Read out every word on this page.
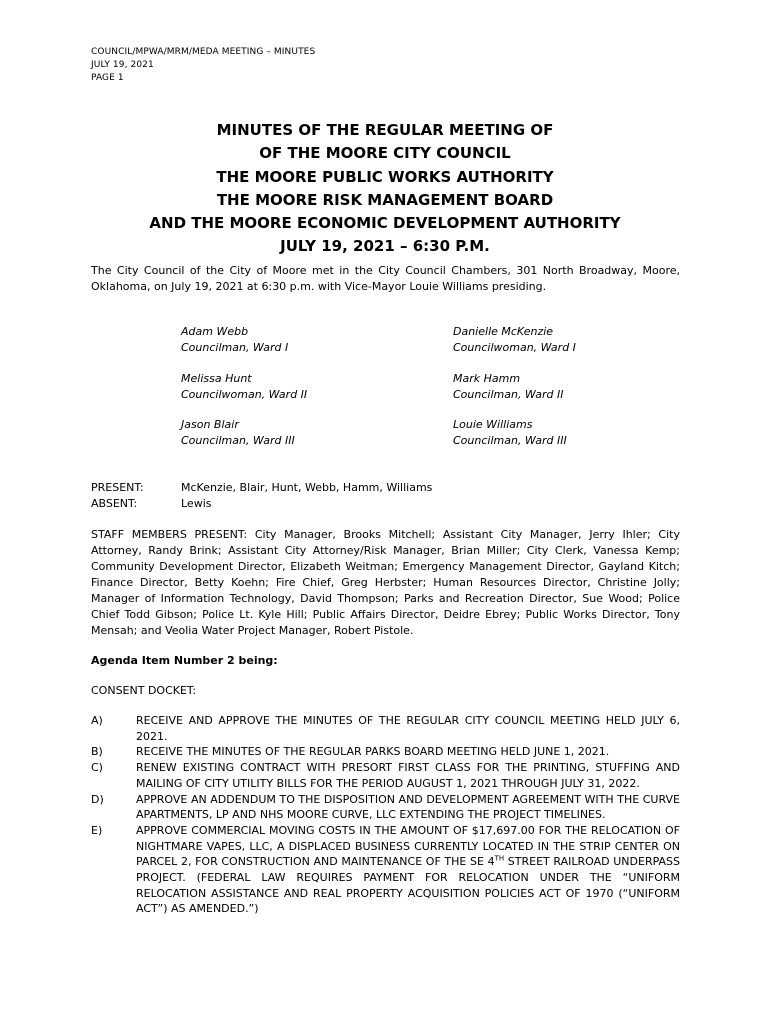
COUNCIL/MPWA/MRM/MEDA MEETING – MINUTES
JULY 19, 2021
PAGE 1
MINUTES OF THE REGULAR MEETING OF
OF THE MOORE CITY COUNCIL
THE MOORE PUBLIC WORKS AUTHORITY
THE MOORE RISK MANAGEMENT BOARD
AND THE MOORE ECONOMIC DEVELOPMENT AUTHORITY
JULY 19, 2021 – 6:30 P.M.
The City Council of the City of Moore met in the City Council Chambers, 301 North Broadway, Moore, Oklahoma, on July 19, 2021 at 6:30 p.m. with Vice-Mayor Louie Williams presiding.
Adam Webb
Councilman, Ward I
Danielle McKenzie
Councilwoman, Ward I
Melissa Hunt
Councilwoman, Ward II
Mark Hamm
Councilman, Ward II
Jason Blair
Councilman, Ward III
Louie Williams
Councilman, Ward III
PRESENT:	McKenzie, Blair, Hunt, Webb, Hamm, Williams
ABSENT:	Lewis
STAFF MEMBERS PRESENT: City Manager, Brooks Mitchell; Assistant City Manager, Jerry Ihler; City Attorney, Randy Brink; Assistant City Attorney/Risk Manager, Brian Miller; City Clerk, Vanessa Kemp; Community Development Director, Elizabeth Weitman; Emergency Management Director, Gayland Kitch; Finance Director, Betty Koehn; Fire Chief, Greg Herbster; Human Resources Director, Christine Jolly; Manager of Information Technology, David Thompson; Parks and Recreation Director, Sue Wood; Police Chief Todd Gibson; Police Lt. Kyle Hill; Public Affairs Director, Deidre Ebrey; Public Works Director, Tony Mensah; and Veolia Water Project Manager, Robert Pistole.
Agenda Item Number 2 being:
CONSENT DOCKET:
A)	RECEIVE AND APPROVE THE MINUTES OF THE REGULAR CITY COUNCIL MEETING HELD JULY 6, 2021.
B)	RECEIVE THE MINUTES OF THE REGULAR PARKS BOARD MEETING HELD JUNE 1, 2021.
C)	RENEW EXISTING CONTRACT WITH PRESORT FIRST CLASS FOR THE PRINTING, STUFFING AND MAILING OF CITY UTILITY BILLS FOR THE PERIOD AUGUST 1, 2021 THROUGH JULY 31, 2022.
D)	APPROVE AN ADDENDUM TO THE DISPOSITION AND DEVELOPMENT AGREEMENT WITH THE CURVE APARTMENTS, LP AND NHS MOORE CURVE, LLC EXTENDING THE PROJECT TIMELINES.
E)	APPROVE COMMERCIAL MOVING COSTS IN THE AMOUNT OF $17,697.00 FOR THE RELOCATION OF NIGHTMARE VAPES, LLC, A DISPLACED BUSINESS CURRENTLY LOCATED IN THE STRIP CENTER ON PARCEL 2, FOR CONSTRUCTION AND MAINTENANCE OF THE SE 4TH STREET RAILROAD UNDERPASS PROJECT. (FEDERAL LAW REQUIRES PAYMENT FOR RELOCATION UNDER THE “UNIFORM RELOCATION ASSISTANCE AND REAL PROPERTY ACQUISITION POLICIES ACT OF 1970 (“UNIFORM ACT”) AS AMENDED.”)
